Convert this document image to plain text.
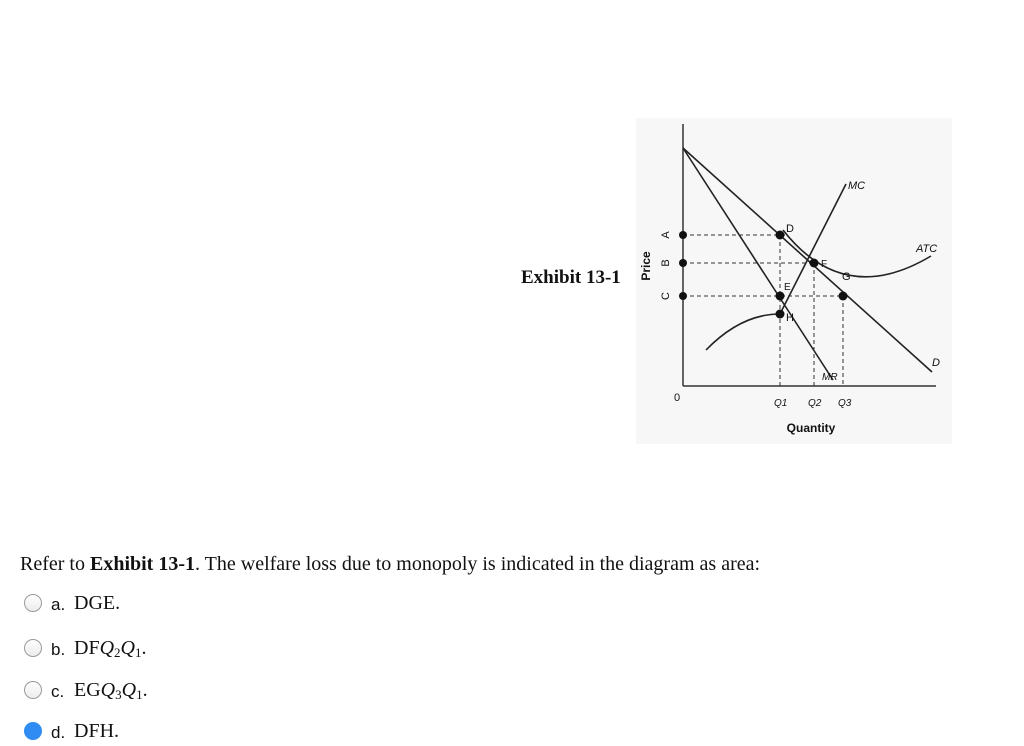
Exhibit 13-1 Price
A
B
C
0
D
E
F
G
H
MC
ATC
MR
D
Q1 Q2 Q3
Quantity
Refer to Exhibit 13-1. The welfare loss due to monopoly is indicated in the diagram as area:
a. DGE.
b. $DFQ_2Q_1$.
c. $EGQ_3Q_1$.
d. DFH.
